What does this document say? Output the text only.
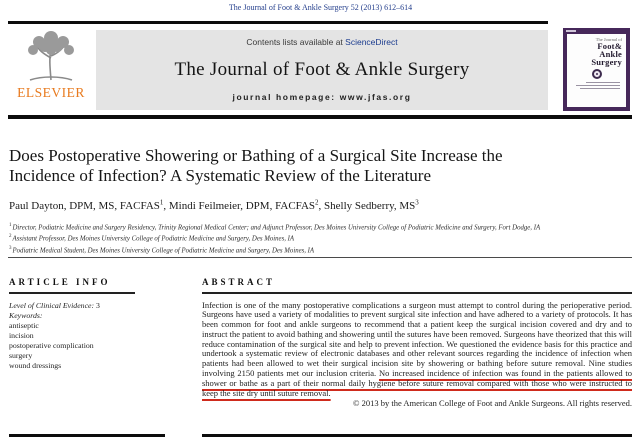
The Journal of Foot & Ankle Surgery 52 (2013) 612–614
ELSEVIER
Contents lists available at ScienceDirect
The Journal of Foot & Ankle Surgery
journal homepage: www.jfas.org
The Journal of
Foot&
Ankle
Surgery
Does Postoperative Showering or Bathing of a Surgical Site Increase the Incidence of Infection? A Systematic Review of the Literature
Paul Dayton, DPM, MS, FACFAS$^1$, Mindi Feilmeier, DPM, FACFAS$^2$, Shelly Sedberry, $MS^3$
$^1$Director, Podiatric Medicine and Surgery Residency, Trinity Regional Medical Center; and Adjunct Professor, Des Moines University College of Podiatric Medicine and Surgery, Fort Dodge, IA
$^2$Assistant Professor, Des Moines University College of Podiatric Medicine and Surgery, Des Moines, IA
$^3$Podiatric Medical Student, Des Moines University College of Podiatric Medicine and Surgery, Des Moines, IA
ARTICLE INFO
Level of Clinical Evidence: 3
Keywords:
antiseptic
incision
postoperative complication
surgery
wound dressings
ABSTRACT
Infection is one of the many postoperative complications a surgeon must attempt to control during the perioperative period. Surgeons have used a variety of modalities to prevent surgical site infection and have adhered to a variety of protocols. It has been common for foot and ankle surgeons to recommend that a patient keep the surgical incision covered and dry and to instruct the patient to avoid bathing and showering until the sutures have been removed. Surgeons have theorized that this will reduce contamination of the surgical site and help to prevent infection. We questioned the evidence basis for this practice and undertook a systematic review of electronic databases and other relevant sources regarding the incidence of infection when patients had been allowed to wet their surgical incision site by showering or bathing before suture removal. Nine studies involving 2150 patients met our inclusion criteria. No increased incidence of infection was found in the patients allowed to shower or bathe as a part of their normal daily hygiene before suture removal compared with those who were instructed to keep the site dry until suture removal.
© 2013 by the American College of Foot and Ankle Surgeons. All rights reserved.
